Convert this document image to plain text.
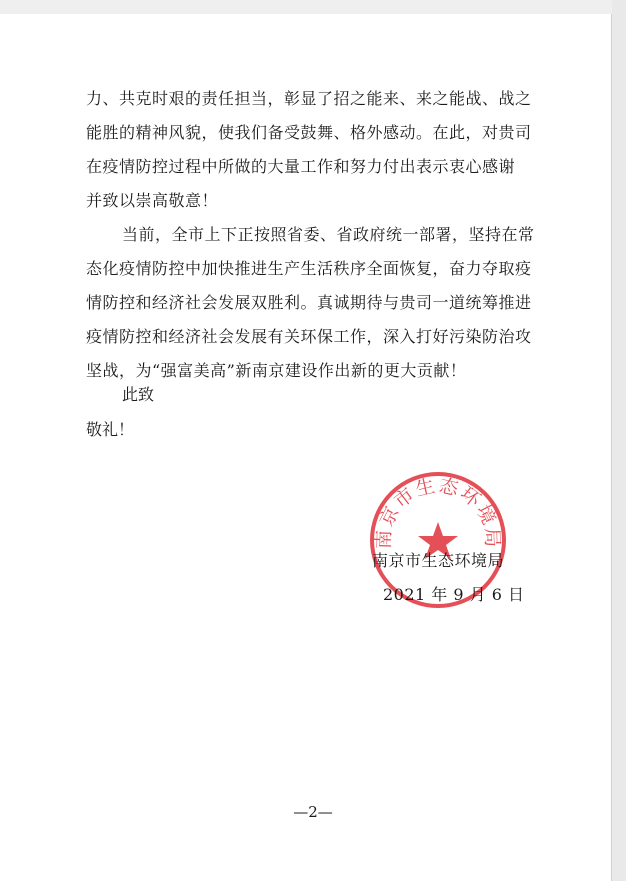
力、共克时艰的责任担当，彰显了招之能来、来之能战、战之
能胜的精神风貌，使我们备受鼓舞、格外感动。在此，对贵司
在疫情防控过程中所做的大量工作和努力付出表示衷心感谢
并致以崇高敬意！
当前，全市上下正按照省委、省政府统一部署，坚持在常
态化疫情防控中加快推进生产生活秩序全面恢复，奋力夺取疫
情防控和经济社会发展双胜利。真诚期待与贵司一道统筹推进
疫情防控和经济社会发展有关环保工作，深入打好污染防治攻
坚战，为“强富美高”新南京建设作出新的更大贡献！
此致
敬礼！
南京市生态环境局
南京市生态环境局
2021 年 9 月 6 日
—2—
